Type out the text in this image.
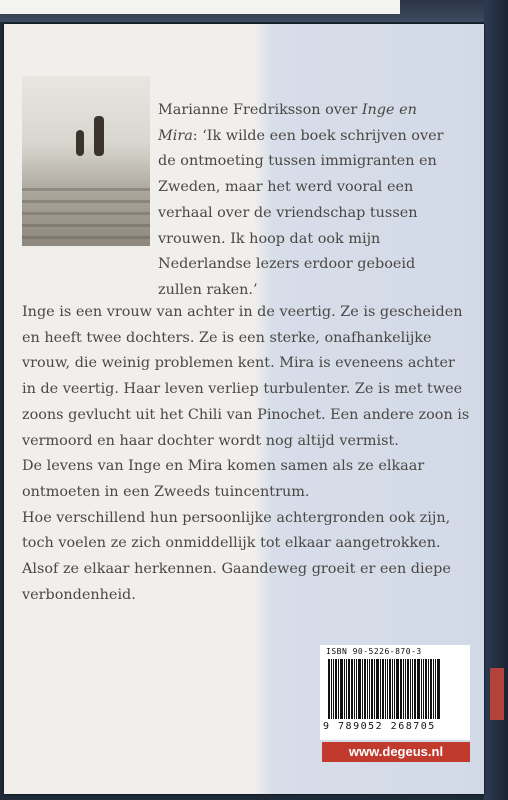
Marianne Fredriksson over Inge en Mira: ‘Ik wilde een boek schrijven over de ontmoeting tussen immigranten en Zweden, maar het werd vooral een verhaal over de vriendschap tussen vrouwen. Ik hoop dat ook mijn Nederlandse lezers erdoor geboeid zullen raken.’

Inge is een vrouw van achter in de veertig. Ze is gescheiden en heeft twee dochters. Ze is een sterke, onafhankelijke vrouw, die weinig problemen kent. Mira is eveneens achter in de veertig. Haar leven verliep turbulenter. Ze is met twee zoons gevlucht uit het Chili van Pinochet. Een andere zoon is vermoord en haar dochter wordt nog altijd vermist.

De levens van Inge en Mira komen samen als ze elkaar ontmoeten in een Zweeds tuincentrum.

Hoe verschillend hun persoonlijke achtergronden ook zijn, toch voelen ze zich onmiddellijk tot elkaar aangetrokken. Alsof ze elkaar herkennen. Gaandeweg groeit er een diepe verbondenheid.

ISBN 90-5226-870-3
9 789052 268705
www.degeus.nl
